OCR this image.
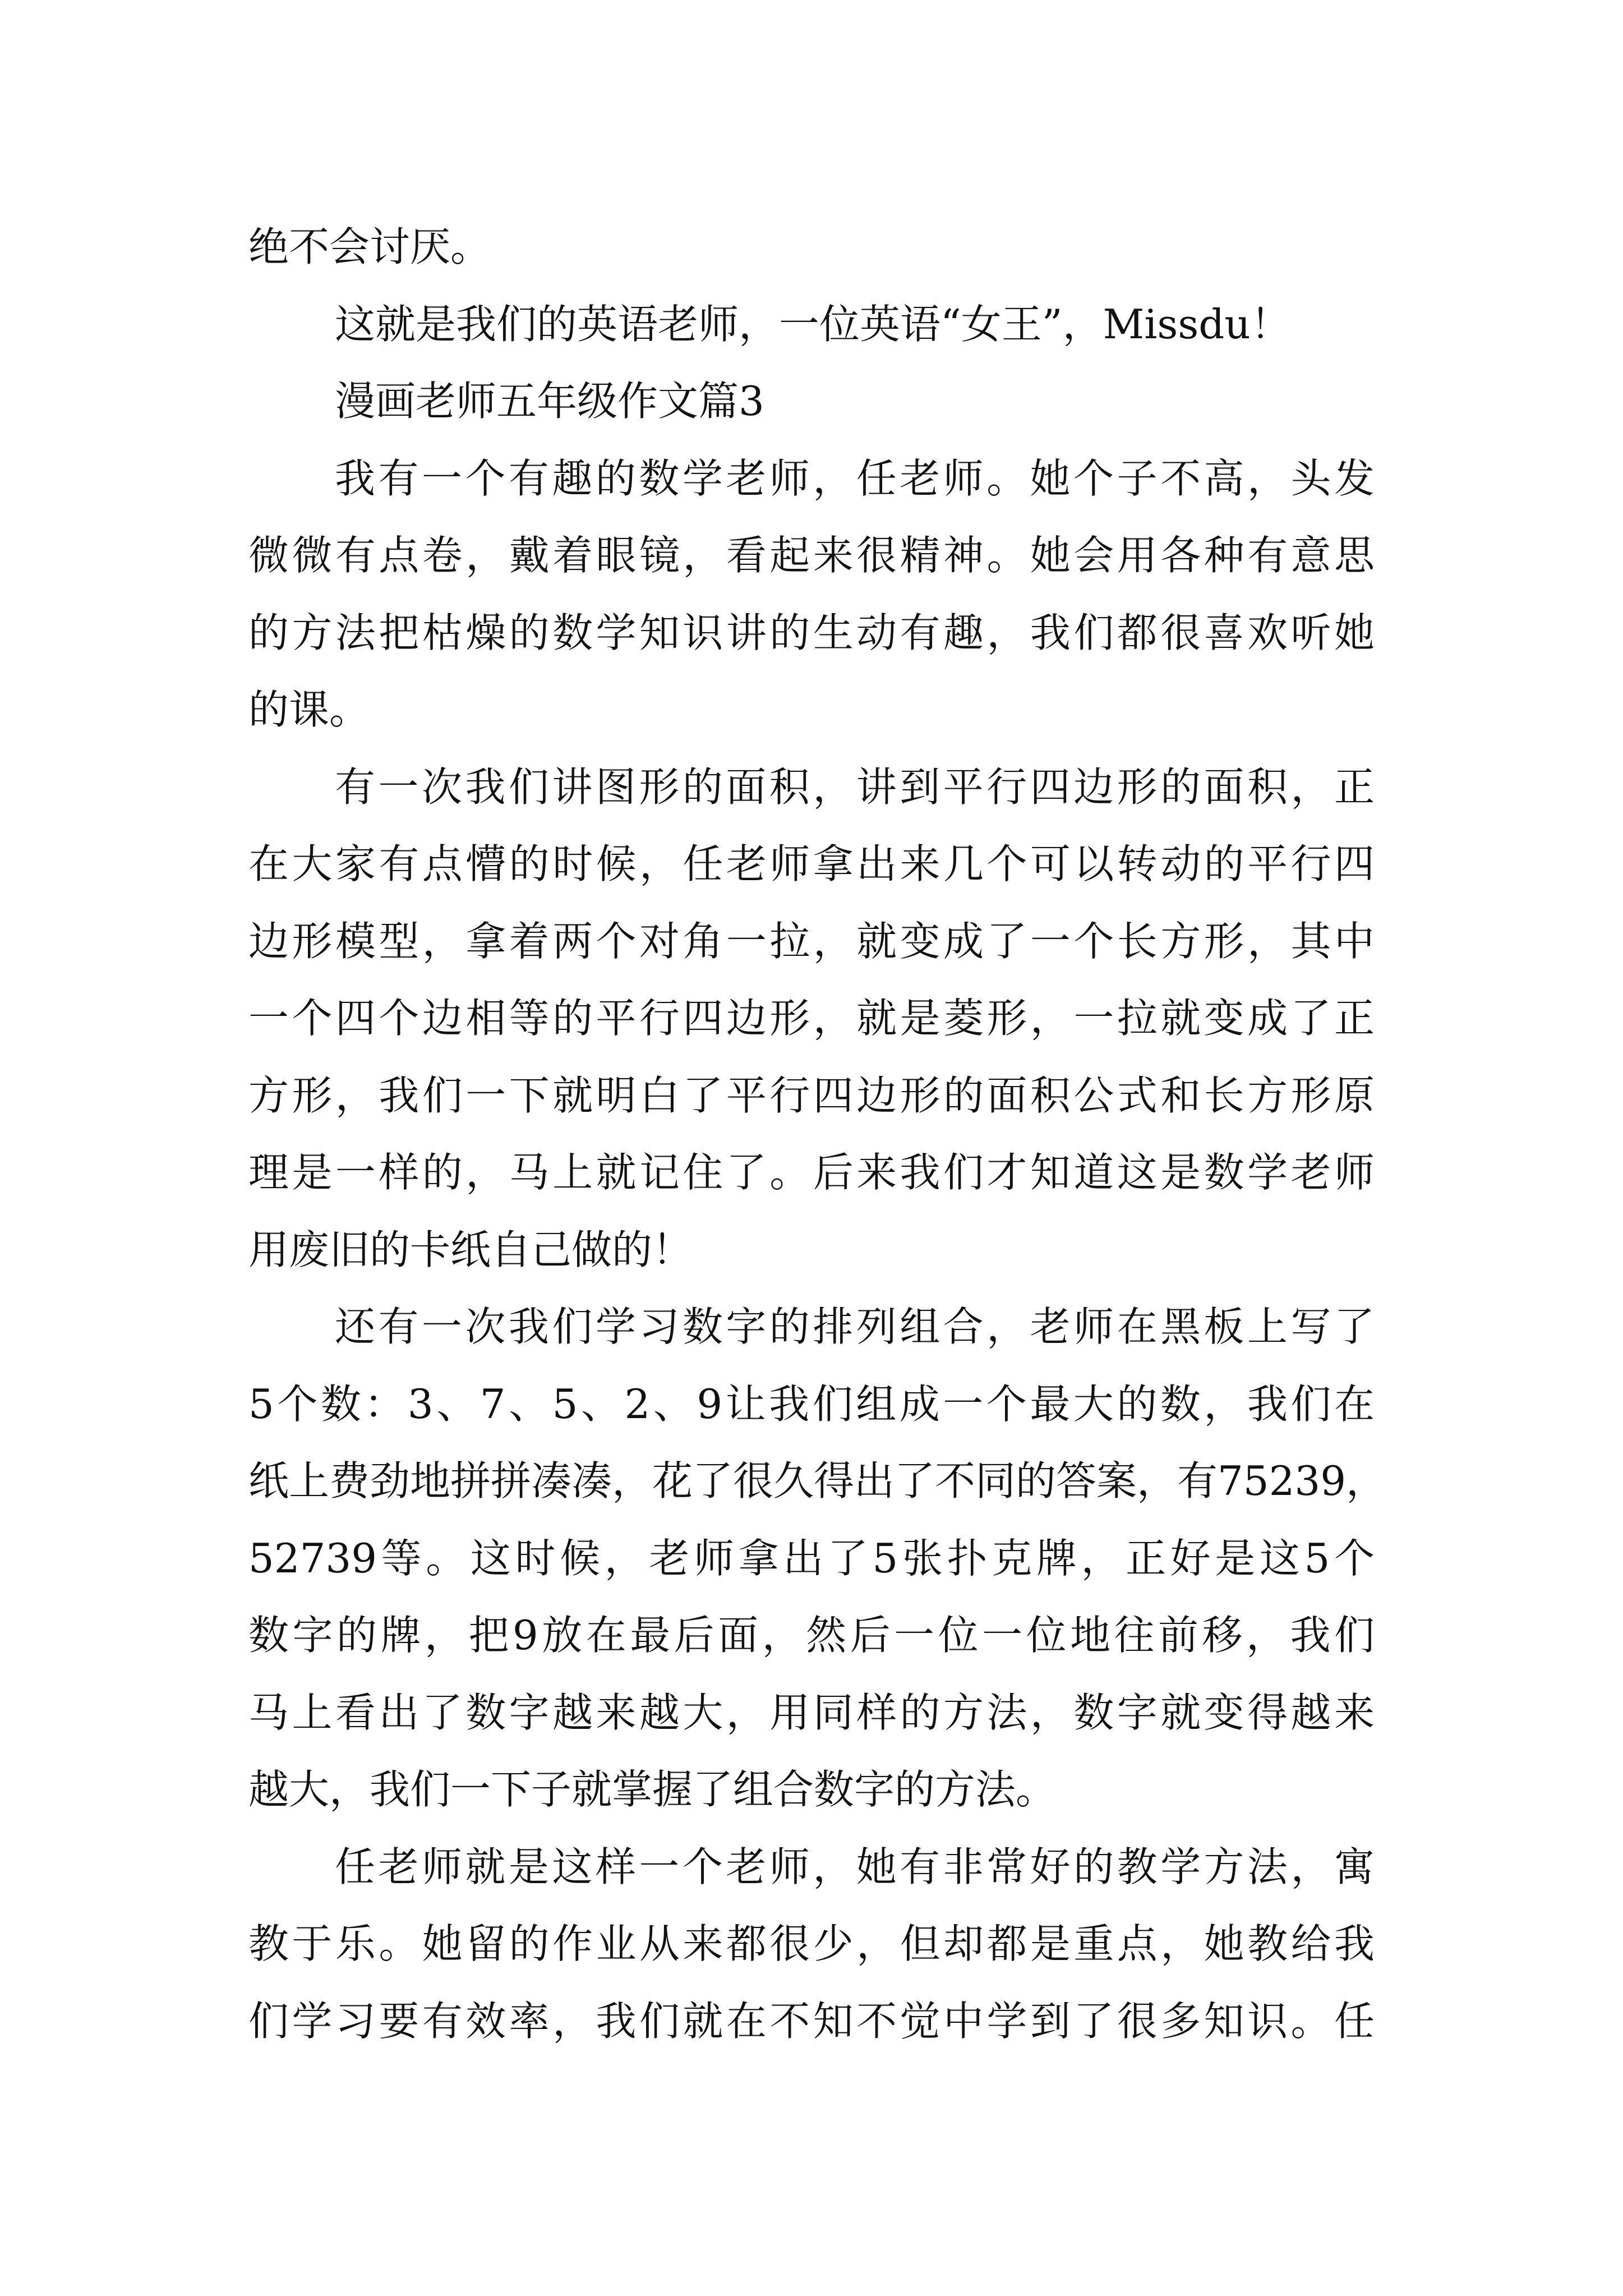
绝不会讨厌。

这就是我们的英语老师，一位英语“女王”，Missdu！

漫画老师五年级作文篇3

我有一个有趣的数学老师，任老师。她个子不高，头发

微微有点卷，戴着眼镜，看起来很精神。她会用各种有意思

的方法把枯燥的数学知识讲的生动有趣，我们都很喜欢听她

的课。

有一次我们讲图形的面积，讲到平行四边形的面积，正

在大家有点懵的时候，任老师拿出来几个可以转动的平行四

边形模型，拿着两个对角一拉，就变成了一个长方形，其中

一个四个边相等的平行四边形，就是菱形，一拉就变成了正

方形，我们一下就明白了平行四边形的面积公式和长方形原

理是一样的，马上就记住了。后来我们才知道这是数学老师

用废旧的卡纸自己做的！

还有一次我们学习数字的排列组合，老师在黑板上写了

5个数：3、7、5、2、9让我们组成一个最大的数，我们在

纸上费劲地拼拼凑凑，花了很久得出了不同的答案，有75239，

52739等。这时候，老师拿出了5张扑克牌，正好是这5个

数字的牌，把9放在最后面，然后一位一位地往前移，我们

马上看出了数字越来越大，用同样的方法，数字就变得越来

越大，我们一下子就掌握了组合数字的方法。

任老师就是这样一个老师，她有非常好的教学方法，寓

教于乐。她留的作业从来都很少，但却都是重点，她教给我

们学习要有效率，我们就在不知不觉中学到了很多知识。任
